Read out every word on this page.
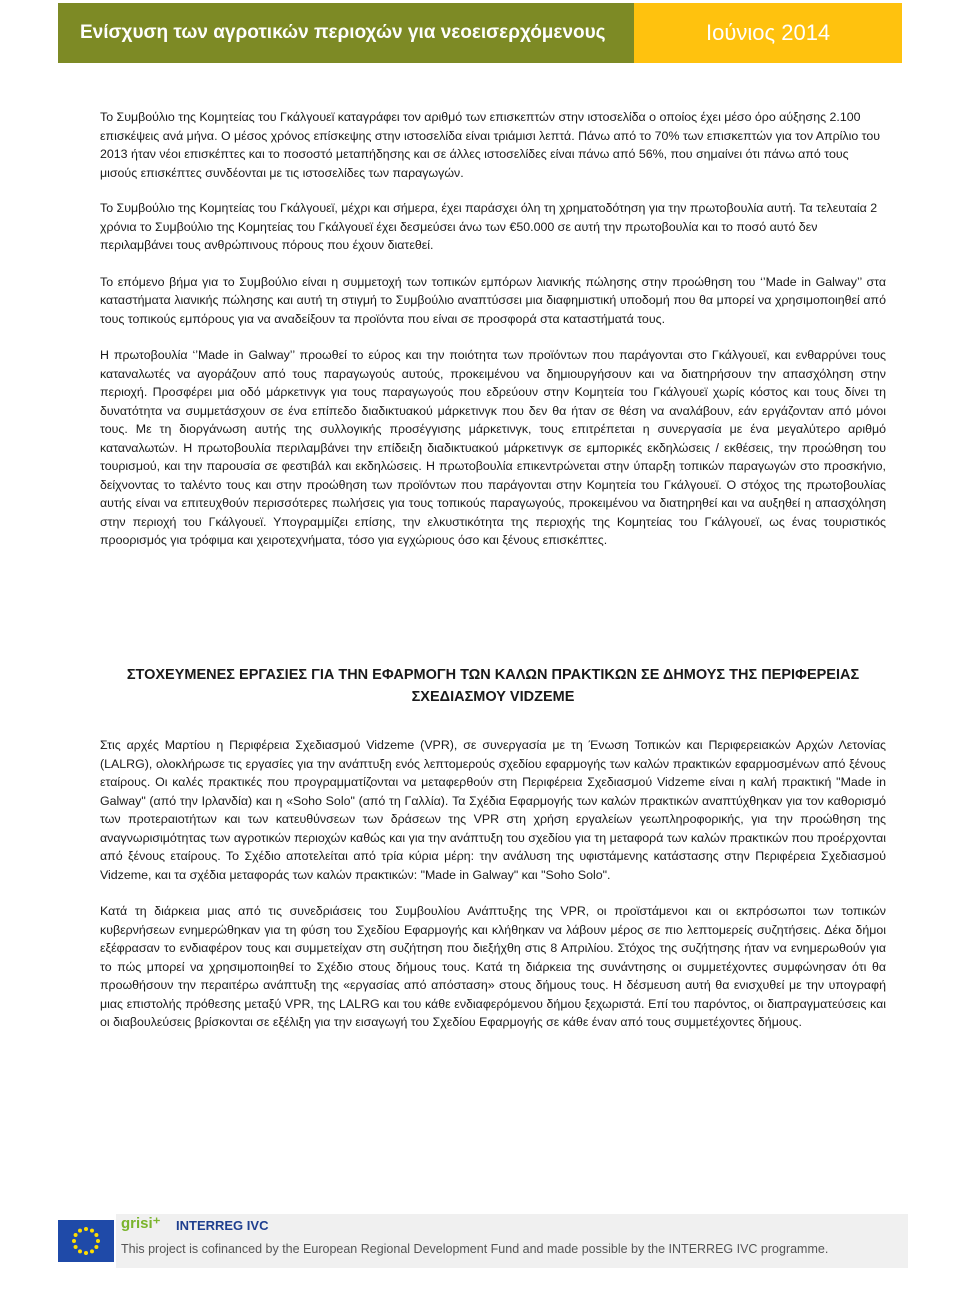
Ενίσχυση των αγροτικών περιοχών για νεοεισερχόμενους	Ιούνιος 2014

Το Συμβούλιο της Κομητείας του Γκάλγουεϊ καταγράφει τον αριθμό των επισκεπτών στην ιστοσελίδα ο οποίος έχει μέσο όρο αύξησης 2.100 επισκέψεις ανά μήνα. Ο μέσος χρόνος επίσκεψης στην ιστοσελίδα είναι τριάμισι λεπτά. Πάνω από το 70% των επισκεπτών για τον Απρίλιο του 2013 ήταν νέοι επισκέπτες και το ποσοστό μεταπήδησης και σε άλλες ιστοσελίδες είναι πάνω από 56%, που σημαίνει ότι πάνω από τους μισούς επισκέπτες συνδέονται με τις ιστοσελίδες των παραγωγών.

Το Συμβούλιο της Κομητείας του Γκάλγουεϊ, μέχρι και σήμερα, έχει παράσχει όλη τη χρηματοδότηση για την πρωτοβουλία αυτή. Τα τελευταία 2 χρόνια το Συμβούλιο της Κομητείας του Γκάλγουεϊ έχει δεσμεύσει άνω των €50.000 σε αυτή την πρωτοβουλία και το ποσό αυτό δεν περιλαμβάνει τους ανθρώπινους πόρους που έχουν διατεθεί.

Το επόμενο βήμα για το Συμβούλιο είναι η συμμετοχή των τοπικών εμπόρων λιανικής πώλησης στην προώθηση του ‘’Made in Galway’’ στα καταστήματα λιανικής πώλησης και αυτή τη στιγμή το Συμβούλιο αναπτύσσει μια διαφημιστική υποδομή που θα μπορεί να χρησιμοποιηθεί από τους τοπικούς εμπόρους για να αναδείξουν τα προϊόντα που είναι σε προσφορά στα καταστήματά τους.

Η πρωτοβουλία ‘’Made in Galway’’ προωθεί το εύρος και την ποιότητα των προϊόντων που παράγονται στο Γκάλγουεϊ, και ενθαρρύνει τους καταναλωτές να αγοράζουν από τους παραγωγούς αυτούς, προκειμένου να δημιουργήσουν και να διατηρήσουν την απασχόληση στην περιοχή. Προσφέρει μια οδό μάρκετινγκ για τους παραγωγούς που εδρεύουν στην Κομητεία του Γκάλγουεϊ χωρίς κόστος και τους δίνει τη δυνατότητα να συμμετάσχουν σε ένα επίπεδο διαδικτυακού μάρκετινγκ που δεν θα ήταν σε θέση να αναλάβουν, εάν εργάζονταν από μόνοι τους. Με τη διοργάνωση αυτής της συλλογικής προσέγγισης μάρκετινγκ, τους επιτρέπεται η συνεργασία με ένα μεγαλύτερο αριθμό καταναλωτών. Η πρωτοβουλία περιλαμβάνει την επίδειξη διαδικτυακού μάρκετινγκ σε εμπορικές εκδηλώσεις / εκθέσεις, την προώθηση του τουρισμού, και την παρουσία σε φεστιβάλ και εκδηλώσεις. Η πρωτοβουλία επικεντρώνεται στην ύπαρξη τοπικών παραγωγών στο προσκήνιο, δείχνοντας το ταλέντο τους και στην προώθηση των προϊόντων που παράγονται στην Κομητεία του Γκάλγουεϊ. Ο στόχος της πρωτοβουλίας αυτής είναι να επιτευχθούν περισσότερες πωλήσεις για τους τοπικούς παραγωγούς, προκειμένου να διατηρηθεί και να αυξηθεί η απασχόληση στην περιοχή του Γκάλγουεϊ. Υπογραμμίζει επίσης, την ελκυστικότητα της περιοχής της Κομητείας του Γκάλγουεϊ, ως ένας τουριστικός προορισμός για τρόφιμα και χειροτεχνήματα, τόσο για εγχώριους όσο και ξένους επισκέπτες.

ΣΤΟΧΕΥΜΕΝΕΣ ΕΡΓΑΣΙΕΣ ΓΙΑ ΤΗΝ ΕΦΑΡΜΟΓΗ ΤΩΝ ΚΑΛΩΝ ΠΡΑΚΤΙΚΩΝ ΣΕ ΔΗΜΟΥΣ ΤΗΣ ΠΕΡΙΦΕΡΕΙΑΣ ΣΧΕΔΙΑΣΜΟΥ VIDZEME

Στις αρχές Μαρτίου η Περιφέρεια Σχεδιασμού Vidzeme (VPR), σε συνεργασία με τη Ένωση Τοπικών και Περιφερειακών Αρχών Λετονίας (LALRG), ολοκλήρωσε τις εργασίες για την ανάπτυξη ενός λεπτομερούς σχεδίου εφαρμογής των καλών πρακτικών εφαρμοσμένων από ξένους εταίρους. Οι καλές πρακτικές που προγραμματίζονται να μεταφερθούν στη Περιφέρεια Σχεδιασμού Vidzeme είναι η καλή πρακτική "Made in Galway" (από την Ιρλανδία) και η «Soho Solo" (από τη Γαλλία). Τα Σχέδια Εφαρμογής των καλών πρακτικών αναπτύχθηκαν για τον καθορισμό των προτεραιοτήτων και των κατευθύνσεων των δράσεων της VPR στη χρήση εργαλείων γεωπληροφορικής, για την προώθηση της αναγνωρισιμότητας των αγροτικών περιοχών καθώς και για την ανάπτυξη του σχεδίου για τη μεταφορά των καλών πρακτικών που προέρχονται από ξένους εταίρους. Το Σχέδιο αποτελείται από τρία κύρια μέρη: την ανάλυση της υφιστάμενης κατάστασης στην Περιφέρεια Σχεδιασμού Vidzeme, και τα σχέδια μεταφοράς των καλών πρακτικών: "Made in Galway" και "Soho Solo".

Κατά τη διάρκεια μιας από τις συνεδριάσεις του Συμβουλίου Ανάπτυξης της VPR, οι προϊστάμενοι και οι εκπρόσωποι των τοπικών κυβερνήσεων ενημερώθηκαν για τη φύση του Σχεδίου Εφαρμογής και κλήθηκαν να λάβουν μέρος σε πιο λεπτομερείς συζητήσεις. Δέκα δήμοι εξέφρασαν το ενδιαφέρον τους και συμμετείχαν στη συζήτηση που διεξήχθη στις 8 Απριλίου. Στόχος της συζήτησης ήταν να ενημερωθούν για το πώς μπορεί να χρησιμοποιηθεί το Σχέδιο στους δήμους τους. Κατά τη διάρκεια της συνάντησης οι συμμετέχοντες συμφώνησαν ότι θα προωθήσουν την περαιτέρω ανάπτυξη της «εργασίας από απόσταση» στους δήμους τους. Η δέσμευση αυτή θα ενισχυθεί με την υπογραφή μιας επιστολής πρόθεσης μεταξύ VPR, της LALRG και του κάθε ενδιαφερόμενου δήμου ξεχωριστά. Επί του παρόντος, οι διαπραγματεύσεις και οι διαβουλεύσεις βρίσκονται σε εξέλιξη για την εισαγωγή του Σχεδίου Εφαρμογής σε κάθε έναν από τους συμμετέχοντες δήμους.

grisi⁺ INTERREG IVC
This project is cofinanced by the European Regional Development Fund and made possible by the INTERREG IVC programme.
